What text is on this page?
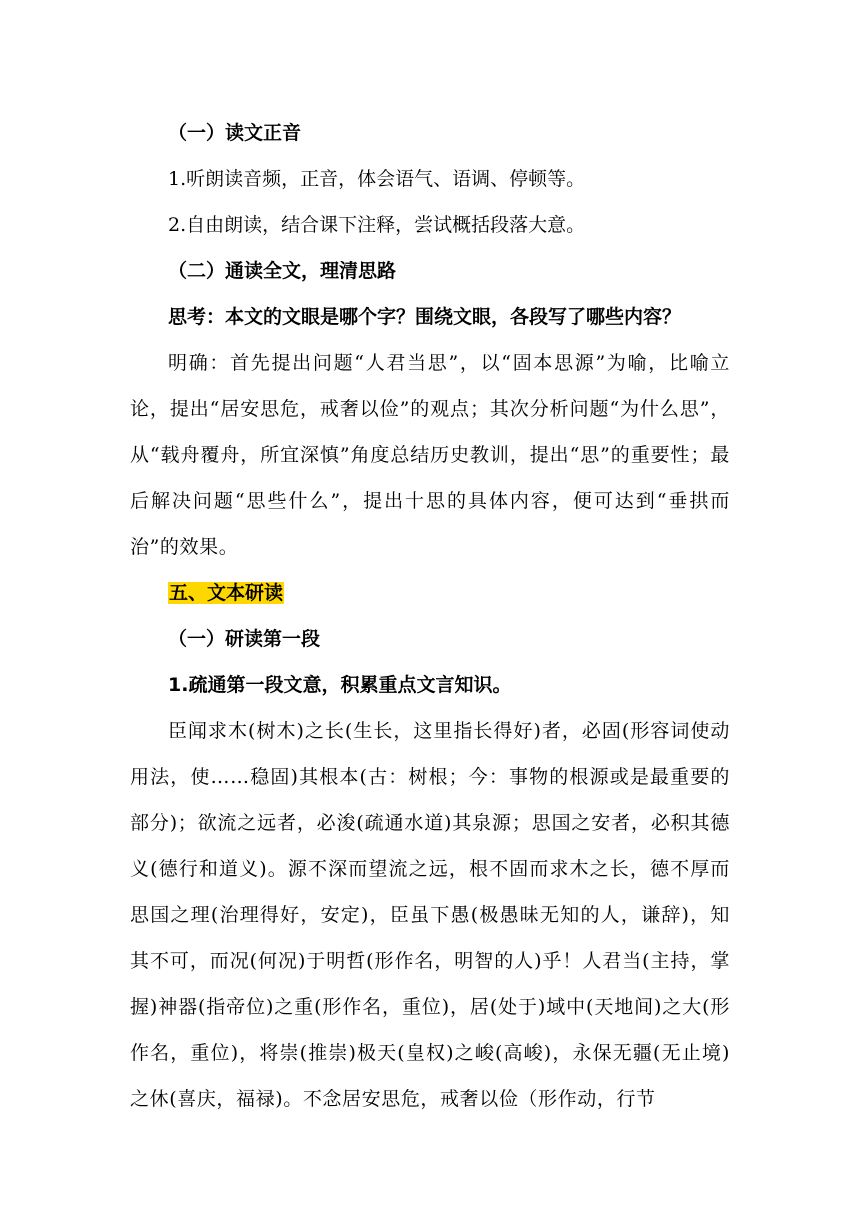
（一）读文正音
1.听朗读音频，正音，体会语气、语调、停顿等。
2.自由朗读，结合课下注释，尝试概括段落大意。
（二）通读全文，理清思路
思考：本文的文眼是哪个字？围绕文眼，各段写了哪些内容？
明确：首先提出问题“人君当思”，以“固本思源”为喻，比喻立论，提出“居安思危，戒奢以俭”的观点；其次分析问题“为什么思”，从“载舟覆舟，所宜深慎”角度总结历史教训，提出“思”的重要性；最后解决问题“思些什么”，提出十思的具体内容，便可达到“垂拱而治”的效果。
五、文本研读
（一）研读第一段
1.疏通第一段文意，积累重点文言知识。
臣闻求木(树木)之长(生长，这里指长得好)者，必固(形容词使动用法，使……稳固)其根本(古：树根；今：事物的根源或是最重要的部分)；欲流之远者，必浚(疏通水道)其泉源；思国之安者，必积其德义(德行和道义)。源不深而望流之远，根不固而求木之长，德不厚而思国之理(治理得好，安定)，臣虽下愚(极愚昧无知的人，谦辞)，知其不可，而况(何况)于明哲(形作名，明智的人)乎！人君当(主持，掌握)神器(指帝位)之重(形作名，重位)，居(处于)域中(天地间)之大(形作名，重位)，将崇(推崇)极天(皇权)之峻(高峻)，永保无疆(无止境)之休(喜庆，福禄)。不念居安思危，戒奢以俭（形作动，行节
